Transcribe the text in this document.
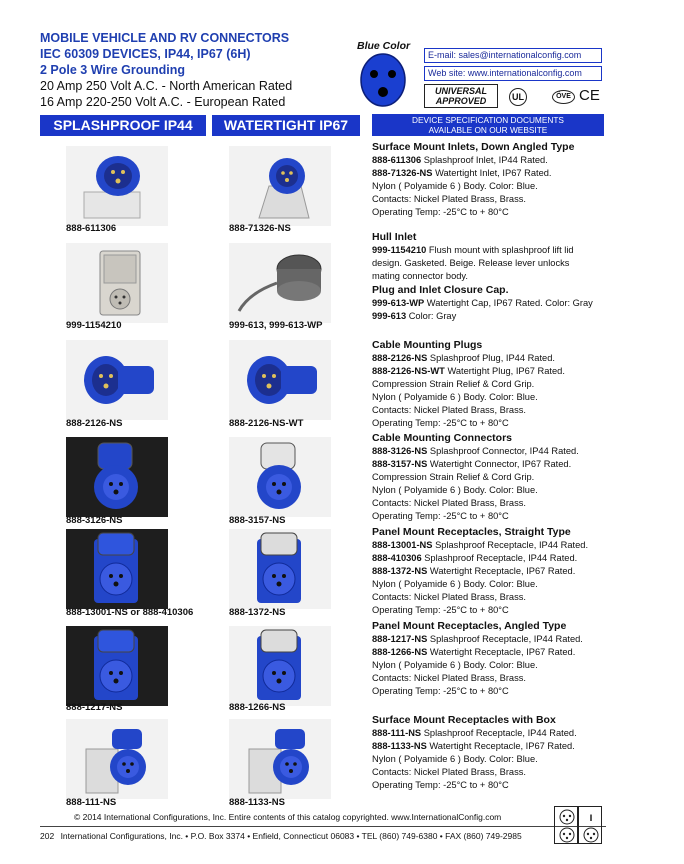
MOBILE VEHICLE AND RV CONNECTORS
IEC 60309 DEVICES, IP44, IP67 (6H)
2 Pole 3 Wire Grounding
20 Amp 250 Volt A.C. - North American Rated
16 Amp 220-250 Volt A.C. - European Rated
SPLASHPROOF IP44	WATERTIGHT IP67
Blue Color
E-mail: sales@internationalconfig.com
Web site: www.internationalconfig.com
UNIVERSAL
APPROVED	UL	ÖVE CE
DEVICE SPECIFICATION DOCUMENTS
AVAILABLE ON OUR WEBSITE
888-611306	888-71326-NS
999-1154210	999-613, 999-613-WP
888-2126-NS	888-2126-NS-WT
888-3126-NS	888-3157-NS
888-13001-NS or 888-410306	888-1372-NS
888-1217-NS	888-1266-NS
888-111-NS	888-1133-NS
Surface Mount Inlets, Down Angled Type
888-611306 Splashproof Inlet, IP44 Rated.
888-71326-NS Watertight Inlet, IP67 Rated.
Nylon ( Polyamide 6 ) Body. Color: Blue.
Contacts: Nickel Plated Brass, Brass.
Operating Temp: -25°C to + 80°C
Hull Inlet
999-1154210 Flush mount with splashproof lift lid
design. Gasketed. Beige. Release lever unlocks
mating connector body.
Plug and Inlet Closure Cap.
999-613-WP Watertight Cap, IP67 Rated. Color: Gray
999-613 Color: Gray
Cable Mounting Plugs
888-2126-NS Splashproof Plug, IP44 Rated.
888-2126-NS-WT Watertight Plug, IP67 Rated.
Compression Strain Relief & Cord Grip.
Nylon ( Polyamide 6 ) Body. Color: Blue.
Contacts: Nickel Plated Brass, Brass.
Operating Temp: -25°C to + 80°C
Cable Mounting Connectors
888-3126-NS Splashproof Connector, IP44 Rated.
888-3157-NS Watertight Connector, IP67 Rated.
Compression Strain Relief & Cord Grip.
Nylon ( Polyamide 6 ) Body. Color: Blue.
Contacts: Nickel Plated Brass, Brass.
Operating Temp: -25°C to + 80°C
Panel Mount Receptacles, Straight Type
888-13001-NS Splashproof Receptacle, IP44 Rated.
888-410306 Splashproof Receptacle, IP44 Rated.
888-1372-NS Watertight Receptacle, IP67 Rated.
Nylon ( Polyamide 6 ) Body. Color: Blue.
Contacts: Nickel Plated Brass, Brass.
Operating Temp: -25°C to + 80°C
Panel Mount Receptacles, Angled Type
888-1217-NS Splashproof Receptacle, IP44 Rated.
888-1266-NS Watertight Receptacle, IP67 Rated.
Nylon ( Polyamide 6 ) Body. Color: Blue.
Contacts: Nickel Plated Brass, Brass.
Operating Temp: -25°C to + 80°C
Surface Mount Receptacles with Box
888-111-NS Splashproof Receptacle, IP44 Rated.
888-1133-NS Watertight Receptacle, IP67 Rated.
Nylon ( Polyamide 6 ) Body. Color: Blue.
Contacts: Nickel Plated Brass, Brass.
Operating Temp: -25°C to + 80°C
© 2014 International Configurations, Inc. Entire contents of this catalog copyrighted. www.InternationalConfig.com
202 International Configurations, Inc. • P.O. Box 3374 • Enfield, Connecticut 06083 • TEL (860) 749-6380 • FAX (860) 749-2985
I
